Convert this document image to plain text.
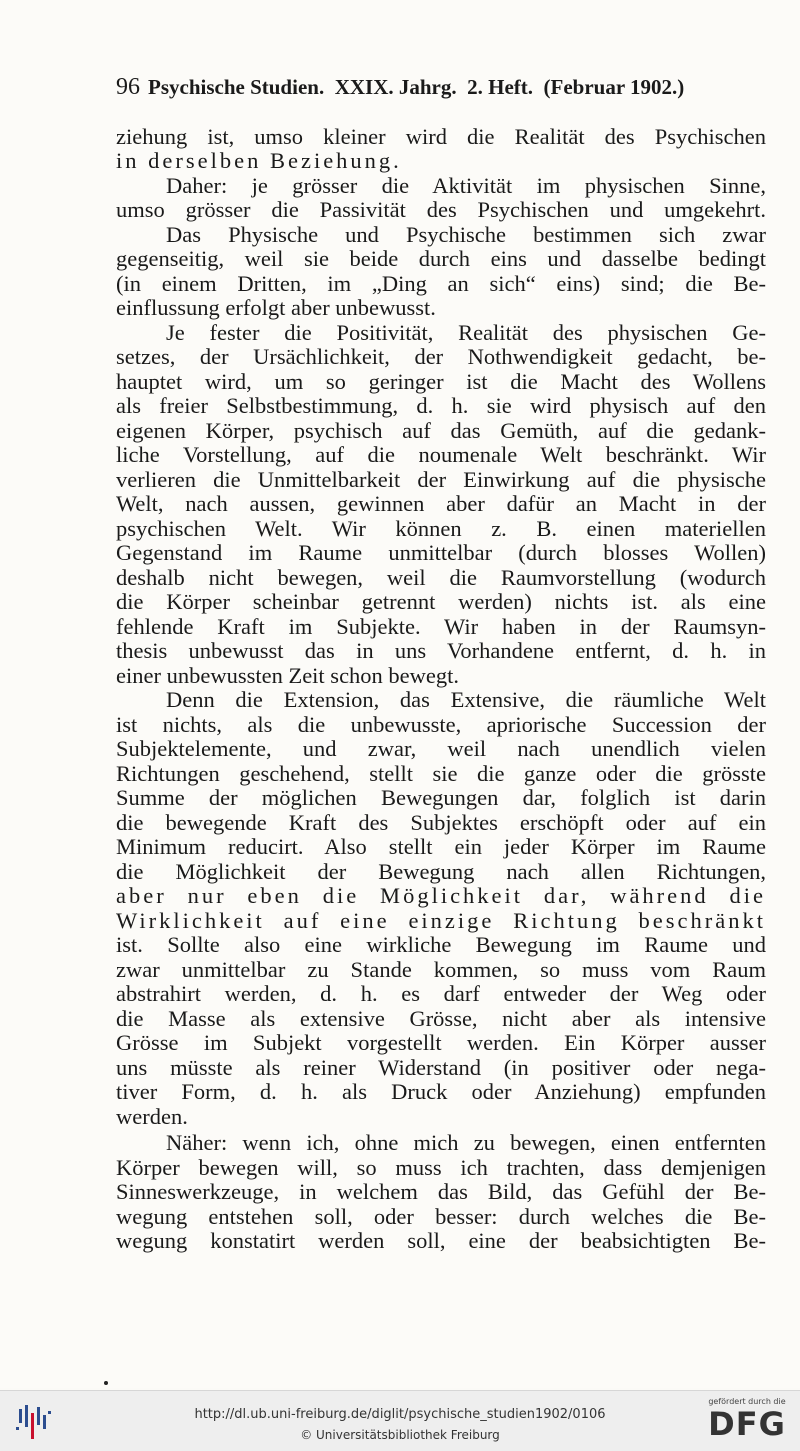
96 Psychische Studien.  XXIX. Jahrg.  2. Heft.  (Februar 1902.)
ziehung ist, umso kleiner wird die Realität des Psychischen
in derselben Beziehung.
Daher: je grösser die Aktivität im physischen Sinne,
umso grösser die Passivität des Psychischen und umgekehrt.
Das Physische und Psychische bestimmen sich zwar
gegenseitig, weil sie beide durch eins und dasselbe bedingt
(in einem Dritten, im „Ding an sich“ eins) sind; die Be-
einflussung erfolgt aber unbewusst.
Je fester die Positivität, Realität des physischen Ge-
setzes, der Ursächlichkeit, der Nothwendigkeit gedacht, be-
hauptet wird, um so geringer ist die Macht des Wollens
als freier Selbstbestimmung, d. h. sie wird physisch auf den
eigenen Körper, psychisch auf das Gemüth, auf die gedank-
liche Vorstellung, auf die noumenale Welt beschränkt. Wir
verlieren die Unmittelbarkeit der Einwirkung auf die physische
Welt, nach aussen, gewinnen aber dafür an Macht in der
psychischen Welt. Wir können z. B. einen materiellen
Gegenstand im Raume unmittelbar (durch blosses Wollen)
deshalb nicht bewegen, weil die Raumvorstellung (wodurch
die Körper scheinbar getrennt werden) nichts ist. als eine
fehlende Kraft im Subjekte. Wir haben in der Raumsyn-
thesis unbewusst das in uns Vorhandene entfernt, d. h. in
einer unbewussten Zeit schon bewegt.
Denn die Extension, das Extensive, die räumliche Welt
ist nichts, als die unbewusste, apriorische Succession der
Subjektelemente, und zwar, weil nach unendlich vielen
Richtungen geschehend, stellt sie die ganze oder die grösste
Summe der möglichen Bewegungen dar, folglich ist darin
die bewegende Kraft des Subjektes erschöpft oder auf ein
Minimum reducirt. Also stellt ein jeder Körper im Raume
die Möglichkeit der Bewegung nach allen Richtungen,
aber nur eben die Möglichkeit dar, während die
Wirklichkeit auf eine einzige Richtung beschränkt
ist. Sollte also eine wirkliche Bewegung im Raume und
zwar unmittelbar zu Stande kommen, so muss vom Raum
abstrahirt werden, d. h. es darf entweder der Weg oder
die Masse als extensive Grösse, nicht aber als intensive
Grösse im Subjekt vorgestellt werden. Ein Körper ausser
uns müsste als reiner Widerstand (in positiver oder nega-
tiver Form, d. h. als Druck oder Anziehung) empfunden
werden.
Näher: wenn ich, ohne mich zu bewegen, einen entfernten
Körper bewegen will, so muss ich trachten, dass demjenigen
Sinneswerkzeuge, in welchem das Bild, das Gefühl der Be-
wegung entstehen soll, oder besser: durch welches die Be-
wegung konstatirt werden soll, eine der beabsichtigten Be-
http://dl.ub.uni-freiburg.de/diglit/psychische_studien1902/0106
© Universitätsbibliothek Freiburg
gefördert durch die
DFG
